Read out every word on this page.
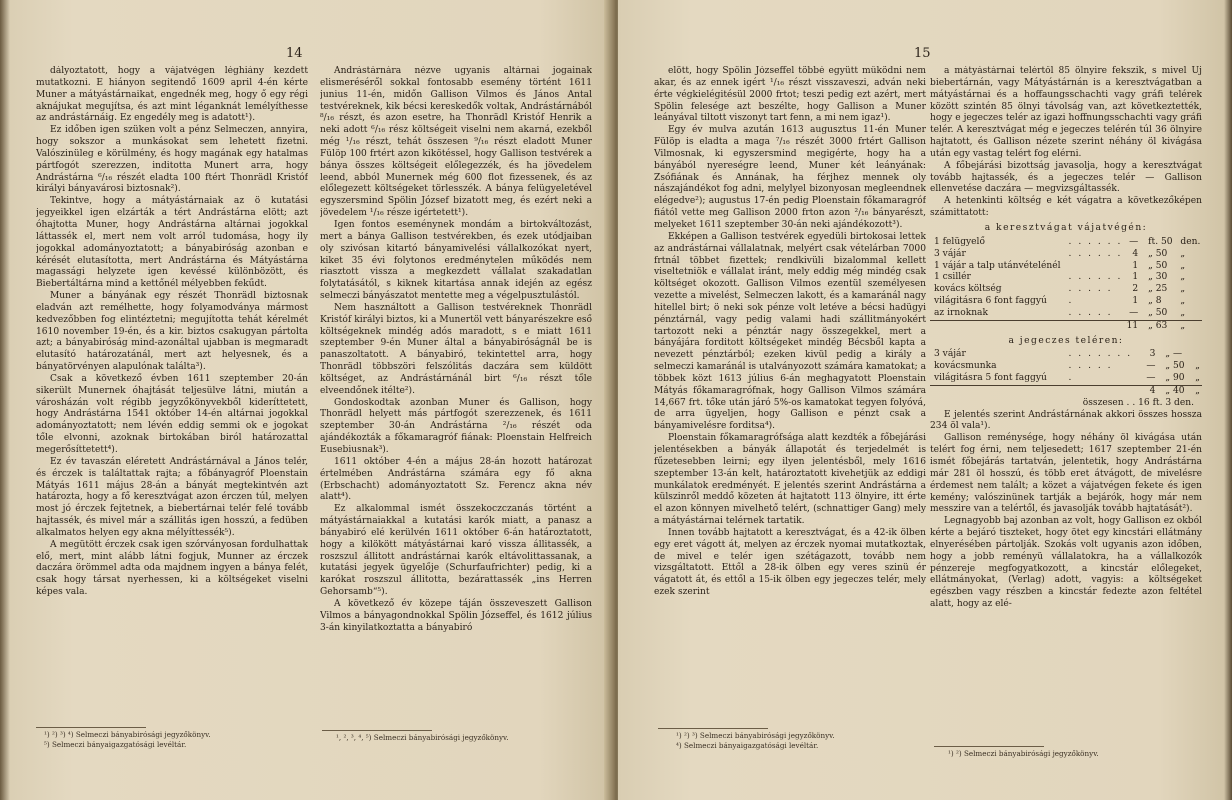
14

dályoztatott, hogy a vájatvégen léghiány kezdett mutatkozni. E hiányon segitendő 1609 april 4-én kérte Muner a mátyástárnaikat, engednék meg, hogy ő egy régi aknájukat megujítsa, és azt mint léganknát lemélyíthesse az andrástárnáig. Ez engedély meg is adatott¹).

Ez időben igen szüken volt a pénz Selmeczen, annyira, hogy sokszor a munkásokat sem lehetett fizetni. Valószinüleg e körülmény, és hogy magának egy hatalmas pártfogót szerezzen, inditotta Munert arra, hogy Andrástárna ⁶/₁₆ részét eladta 100 ftért Thonrädl Kristóf királyi bányavárosi biztosnak²).

Tekintve, hogy a mátyástárnaiak az ö kutatási jegyeikkel igen elzárták a tért Andrástárna elött; azt óhajtotta Muner, hogy Andrástárna altárnai jogokkal láttassék el, mert nem volt arról tudomása, hogy ily jogokkal adományoztatott; a bányabiróság azonban e kérését elutasította, mert Andrástárna és Mátyástárna magassági helyzete igen kevéssé különbözött, és Biebertáltárna mind a kettőnél mélyebben fekűdt.

Muner a bányának egy részét Thonrädl biztosnak eladván azt remélhette, hogy folyamodványa mármost kedvezőbben fog elintéztetni; megujította tehát kérelmét 1610 november 19-én, és a kir. biztos csakugyan pártolta azt; a bányabiróság mind-azonáltal ujabban is megmaradt elutasító határozatánál, mert azt helyesnek, és a bányatörvényen alapulónak találta³).

Csak a következő évben 1611 szeptember 20-án sikerült Munernek óhajtását teljesülve látni, miután a városházán volt régibb jegyzőkönyvekből kideríttetett, hogy Andrástárna 1541 október 14-én altárnai jogokkal adományoztatott; nem lévén eddig semmi ok e jogokat tőle elvonni, azoknak birtokában biról határozattal megerősíttetett⁴).

Ez év tavaszán eléretett Andrástárnával a János telér, és érczek is találtattak rajta; a főbányagróf Ploenstain Mátyás 1611 május 28-án a bányát megtekintvén azt határozta, hogy a fő keresztvágat azon érczen túl, melyen most jó érczek fejtetnek, a biebertárnai telér felé tovább hajtassék, és mivel már a szállitás igen hosszú, a fedüben alkalmatos helyen egy akna mélyíttessék⁵).

A megütött érczek csak igen szórványosan fordulhattak elő, mert, mint alább látni fogjuk, Munner az érczek daczára örömmel adta oda majdnem ingyen a bánya felét, csak hogy társat nyerhessen, ki a költségeket viselni képes vala.

¹) ²) ³) ⁴) Selmeczi bányabirósági jegyzőkönyv.
⁵) Selmeczi bányaigazgatósági levéltár.

Andrástárnára nézve ugyanis altárnai jogainak elismeréséről sokkal fontosabb esemény történt 1611 junius 11-én, midőn Gallison Vilmos és János Antal testvéreknek, kik bécsi kereskedők voltak, Andrástárnából ⁸/₁₆ részt, és azon esetre, ha Thonrädl Kristóf Henrik a neki adott ⁶/₁₆ rész költségeit viselni nem akarná, ezekből még ¹/₁₆ részt, tehát összesen ⁹/₁₆ részt eladott Muner Fülöp 100 frtért azon kikötéssel, hogy Gallison testvérek a bánya összes költségeit előlegezzék, és ha jövedelem leend, abból Munernek még 600 flot fizessenek, és az előlegezett költségeket törlesszék. A bánya felügyeletével egyszersmind Spölin József bizatott meg, és ezért neki a jövedelem ¹/₁₆ része igértetett¹).

Igen fontos eseménynek mondám a birtokváltozást, mert a bánya Gallison testvérekben, és ezek utódjaiban oly szivósan kitartó bányamivelési vállalkozókat nyert, kiket 35 évi folytonos eredménytelen működés nem riasztott vissza a megkezdett vállalat szakadatlan folytatásától, s kiknek kitartása annak idején az egész selmeczi bányászatot mentette meg a végelpusztulástól.

Nem használtott a Gallison testvéreknek Thonrädl Kristóf királyi biztos, ki a Munertöl vett bányarészekre eső költségeknek mindég adós maradott, s e miatt 1611 szeptember 9-én Muner által a bányabiróságnál be is panaszoltatott. A bányabiró, tekintettel arra, hogy Thonrädl többszöri felszólitás daczára sem küldött költséget, az Andrástárnánál birt ⁶/₁₆ részt tőle elveendőnek itélte²).

Gondoskodtak azonban Muner és Gallison, hogy Thonrädl helyett más pártfogót szerezzenek, és 1611 szeptember 30-án Andrástárna ²/₁₆ részét oda ajándékozták a főkamaragróf fiának: Ploenstain Helfreich Eusebiusnak³).

1611 október 4-én a május 28-án hozott határozat értelmében Andrástárna számára egy fő akna (Erbschacht) adományoztatott Sz. Ferencz akna név alatt⁴).

Ez alkalommal ismét összekoczczanás történt a mátyástárnaiakkal a kutatási karók miatt, a panasz a bányabiró elé kerülvén 1611 október 6-án határoztatott, hogy a kilökött mátyástárnai karó vissza állitassék, a roszszul állitott andrástárnai karók eltávolittassanak, a kutatási jegyek ügyelője (Schurfaufrichter) pedig, ki a karókat roszszul állitotta, bezárattassék „ins Herren Gehorsamb“⁵).

A következő év közepe táján összeveszett Gallison Vilmos a bányagondnokkal Spölin Józseffel, és 1612 július 3-án kinyilatkoztatta a bányabiró

¹, ², ³, ⁴, ⁵) Selmeczi bányabirósági jegyzőkönyv.
15

elött, hogy Spölin Józseffel többé együtt működni nem akar, és az ennek igért ¹/₁₆ részt visszaveszi, adván neki érte végkielégitésül 2000 frtot; teszi pedig ezt azért, mert Spölin felesége azt beszélte, hogy Gallison a Muner leányával tiltott viszonyt tart fenn, a mi nem igaz¹).

Egy év mulva azután 1613 augusztus 11-én Muner Fülöp is eladta a maga ⁷/₁₆ részét 3000 frtért Gallison Vilmosnak, ki egyszersmind megigérte, hogy ha a bányából nyereségre leend, Muner két leányának: Zsófiának és Annának, ha férjhez mennek oly nászajándékot fog adni, melylyel bizonyosan megleendnek elégedve²); augustus 17-én pedig Ploenstain főkamaragróf fiától vette meg Gallison 2000 frton azon ²/₁₆ bányarészt, melyeket 1611 szeptember 30-án neki ajándékozott³).

Ekképen a Gallison testvérek egyedüli birtokosai lettek az andrástárnai vállalatnak, melyért csak vételárban 7000 frtnál többet fizettek; rendkivüli bizalommal kellett viseltetniök e vállalat iránt, mely eddig még mindég csak költséget okozott. Gallison Vilmos ezentül személyesen vezette a mivelést, Selmeczen lakott, és a kamaránál nagy hitellel birt; ö neki sok pénze volt letéve a bécsi hadügyi pénztárnál, vagy pedig valami hadi szállitmányokért tartozott neki a pénztár nagy összegekkel, mert a bányájára forditott költségeket mindég Bécsből kapta a nevezett pénztárból; ezeken kivül pedig a király a selmeczi kamaránál is utalványozott számára kamatokat; a többek közt 1613 július 6-án meghagyatott Ploenstain Mátyás főkamaragrófnak, hogy Gallison Vilmos számára 14,667 frt. tőke után járó 5%-os kamatokat tegyen folyóvá, de arra ügyeljen, hogy Gallison e pénzt csak a bányamivelésre forditsa⁴).

Ploenstain főkamaragrófsága alatt kezdték a főbejárási jelentésekben a bányák állapotát és terjedelmét is fűzetesebben leirni; egy ilyen jelentésből, mely 1616 szeptember 13-án kelt, határoztatott kivehetjük az eddigi munkálatok eredményét. E jelentés szerint Andrástárna a külszinről meddő közeten át hajtatott 113 ölnyire, itt érte el azon könnyen mivelhető telért, (schnattiger Gang) mely a mátyástárnai telérnek tartatik.

Innen tovább hajtatott a keresztvágat, és a 42-ik ölben egy eret vágott át, melyen az érczek nyomai mutatkoztak, de mivel e telér igen szétágazott, tovább nem vizsgáltatott. Ettől a 28-ik ölben egy veres szinü ér vágatott át, és ettől a 15-ik ölben egy jegeczes telér, mely ezek szerint

¹) ²) ³) Selmeczi bányabirósági jegyzőkönyv.
⁴) Selmeczi bányaigazgatósági levéltár.

a mátyástárnai telértől 85 ölnyire fekszik, s mivel Uj biebertárnán, vagy Mátyástárnán is a keresztvágatban a mátyástárnai és a hoffaungsschachti vagy gráfi telérek között szintén 85 ölnyi távolság van, azt következtették, hogy e jegeczes telér az igazi hoffnungsschachti vagy gráfi telér. A keresztvágat még e jegeczes telérén túl 36 ölnyire hajtatott, és Gallison nézete szerint néhány öl kivágása után egy vastag telért fog elérni.

A főbejárási bizottság javasolja, hogy a keresztvágat tovább hajtassék, és a jegeczes telér — Gallison ellenvetése daczára — megvizsgáltassék.

A hetenkinti költség e két vágatra a következőképen számittatott:

a keresztvágat vájatvégén:

1 felügyelő	. . . . . .	—	ft. 50	den.
3 vájár	. . . . . .	4	„ 50	„
1 vájár a talp utánvételénél		1	„ 50	„
1 csillér	. . . . . .	1	„ 30	„
kovács költség	. . . . .	2	„ 25	„
világitásra 6 font faggyú	.	1	„ 8	„
az irnoknak	. . . . .	—	„ 50	„
		11	„ 63	„

a jegeczes teléren:

3 vájár	. . . . . . .	3	„ —	
kovácsmunka	. . . . .	—	„ 50	„
világitásra 5 font faggyú	.	—	„ 90	„
		4	„ 40	„

összesen . . 16 ft. 3 den.

E jelentés szerint Andrástárnának akkori összes hossza 234 öl vala¹).

Gallison reménysége, hogy néhány öl kivágása után telért fog érni, nem teljesedett; 1617 szeptember 21-én ismét főbejárás tartatván, jelentetik, hogy Andrástárna már 281 öl hosszú, és több eret átvágott, de mivelésre érdemest nem talált; a közet a vájatvégen fekete és igen kemény; valószinünek tartják a bejárók, hogy már nem messzire van a telértől, és javasolják tovább hajtatását²).

Legnagyobb baj azonban az volt, hogy Gallison ez okból kérte a bejáró tiszteket, hogy ötet egy kincstári ellátmány elnyerésében pártolják. Szokás volt ugyanis azon időben, hogy a jobb reményü vállalatokra, ha a vállalkozók pénzereje megfogyatkozott, a kincstár előlegeket, ellátmányokat, (Verlag) adott, vagyis: a költségeket egészben vagy részben a kincstár fedezte azon feltétel alatt, hogy az elé-

¹) ²) Selmeczi bányabirósági jegyzőkönyv.
